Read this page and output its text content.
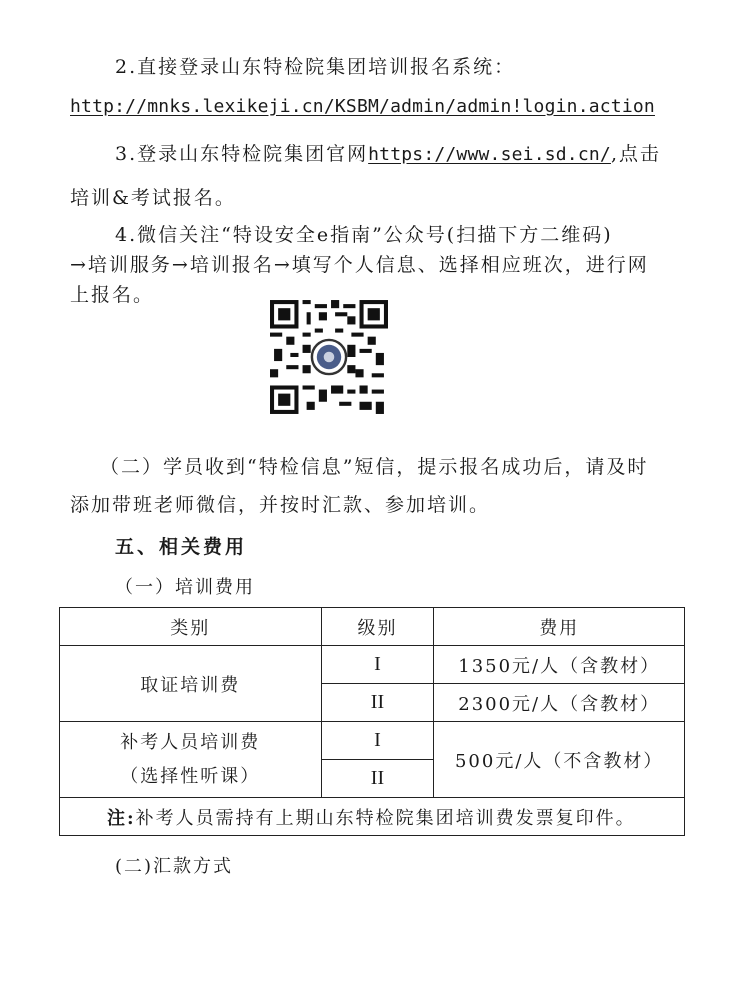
2.直接登录山东特检院集团培训报名系统：
http://mnks.lexikeji.cn/KSBM/admin/admin!login.action
3.登录山东特检院集团官网https://www.sei.sd.cn/,点击
培训&考试报名。
4.微信关注“特设安全e指南”公众号(扫描下方二维码)
→培训服务→培训报名→填写个人信息、选择相应班次，进行网
上报名。
（二）学员收到“特检信息”短信，提示报名成功后，请及时
添加带班老师微信，并按时汇款、参加培训。
五、相关费用
（一）培训费用
类别	级别	费用
取证培训费	I	1350元/人（含教材）
	II	2300元/人（含教材）

补考人员培训费
（选择性听课）	I	500元/人（不含教材）
	II	
注:补考人员需持有上期山东特检院集团培训费发票复印件。		
(二)汇款方式
